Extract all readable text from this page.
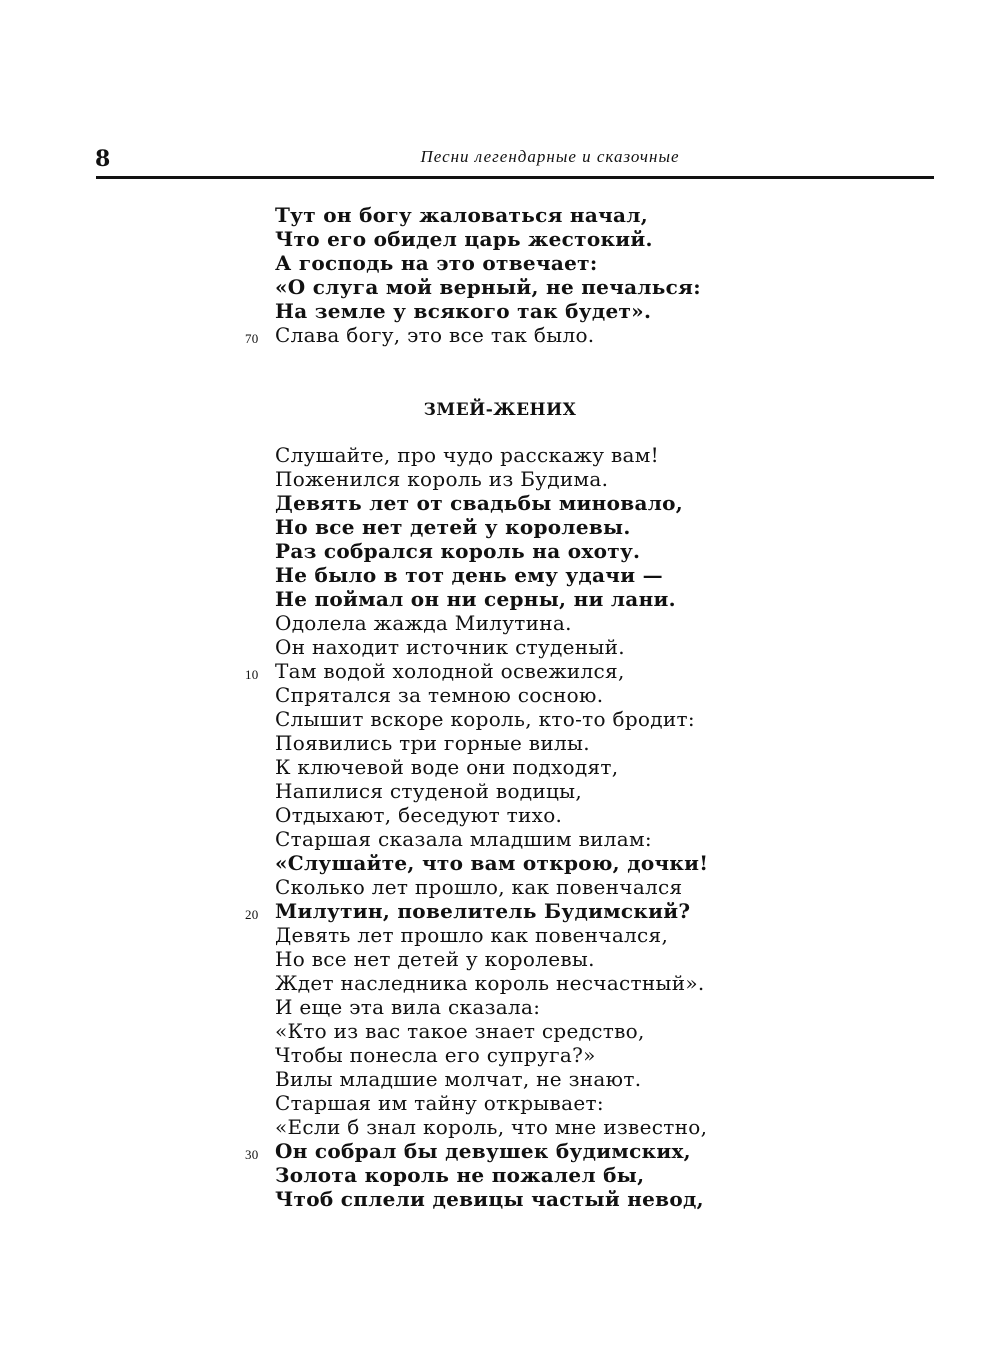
8	Песни легендарные и сказочные
Тут он богу жаловаться начал,
Что его обидел царь жестокий.
А господь на это отвечает:
«О слуга мой верный, не печалься:
На земле у всякого так будет».
70 Слава богу, это все так было.
ЗМЕЙ-ЖЕНИХ
Слушайте, про чудо расскажу вам!
Поженился король из Будима.
Девять лет от свадьбы миновало,
Но все нет детей у королевы.
Раз собрался король на охоту.
Не было в тот день ему удачи —
Не поймал он ни серны, ни лани.
Одолела жажда Милутина.
Он находит источник студеный.
10 Там водой холодной освежился,
Спрятался за темною сосною.
Слышит вскоре король, кто-то бродит:
Появились три горные вилы.
К ключевой воде они подходят,
Напилися студеной водицы,
Отдыхают, беседуют тихо.
Старшая сказала младшим вилам:
«Слушайте, что вам открою, дочки!
Сколько лет прошло, как повенчался
20 Милутин, повелитель Будимский?
Девять лет прошло как повенчался,
Но все нет детей у королевы.
Ждет наследника король несчастный».
И еще эта вила сказала:
«Кто из вас такое знает средство,
Чтобы понесла его супруга?»
Вилы младшие молчат, не знают.
Старшая им тайну открывает:
«Если б знал король, что мне известно,
30 Он собрал бы девушек будимских,
Золота король не пожалел бы,
Чтоб сплели девицы частый невод,
